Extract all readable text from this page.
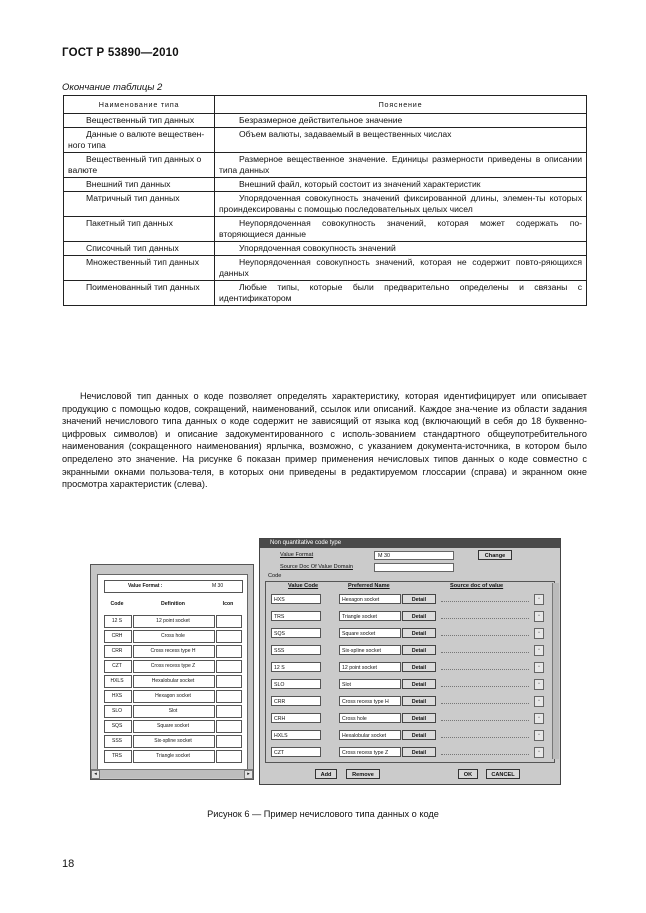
ГОСТ Р 53890—2010
Окончание таблицы 2
Наименование типа	Пояснение
Вещественный тип данных	Безразмерное действительное значение
Данные о валюте веществен-ного типа	Объем валюты, задаваемый в вещественных числах
Вещественный тип данных о валюте	Размерное вещественное значение. Единицы размерности приведены в описании типа данных
Внешний тип данных	Внешний файл, который состоит из значений характеристик
Матричный тип данных	Упорядоченная совокупность значений фиксированной длины, элемен-ты которых проиндексированы с помощью последовательных целых чисел
Пакетный тип данных	Неупорядоченная совокупность значений, которая может содержать по-вторяющиеся данные
Списочный тип данных	Упорядоченная совокупность значений
Множественный тип данных	Неупорядоченная совокупность значений, которая не содержит повто-ряющихся данных
Поименованный тип данных	Любые типы, которые были предварительно определены и связаны с идентификатором
Нечисловой тип данных о коде позволяет определять характеристику, которая идентифицирует или описывает продукцию с помощью кодов, сокращений, наименований, ссылок или описаний. Каждое зна-чение из области задания значений нечислового типа данных о коде содержит не зависящий от языка код (включающий в себя до 18 буквенно-цифровых символов) и описание задокументированного с исполь-зованием стандартного общеупотребительного наименования (сокращенного наименования) ярлычка, возможно, с указанием документа-источника, в котором было определено это значение. На рисунке 6 показан пример применения нечисловых типов данных о коде совместно с экранными окнами пользова-теля, в которых они приведены в редактируемом глоссарии (справа) и экранном окне просмотра характеристик (слева).
Value Format :	M 30
Code	Definition	Icon
12 S	12 point socket
CRH	Cross hole
CRR	Cross recess type H
CZT	Cross recess type Z
HXLS	Hexalobular socket
HXS	Hexagon socket
SLO	Slot
SQS	Square socket
SSS	Six-spline socket
TRS	Triangle socket
◂	▸
Non quantitative code type
Value Format	M 30	Change
Source Doc Of Value Domain
Code
Value Code	Preferred Name	Source doc of value
HXS	Hexagon socket	Detail	▫
TRS	Triangle socket	Detail	▫
SQS	Square socket	Detail	▫
SSS	Six-spline socket	Detail	▫
12 S	12 point socket	Detail	▫
SLO	Slot	Detail	▫
CRR	Cross recess type H	Detail	▫
CRH	Cross hole	Detail	▫
HXLS	Hexalobular socket	Detail	▫
CZT	Cross recess type Z	Detail	▫
Add	Remove	OK	CANCEL
Рисунок 6 — Пример нечислового типа данных о коде
18
